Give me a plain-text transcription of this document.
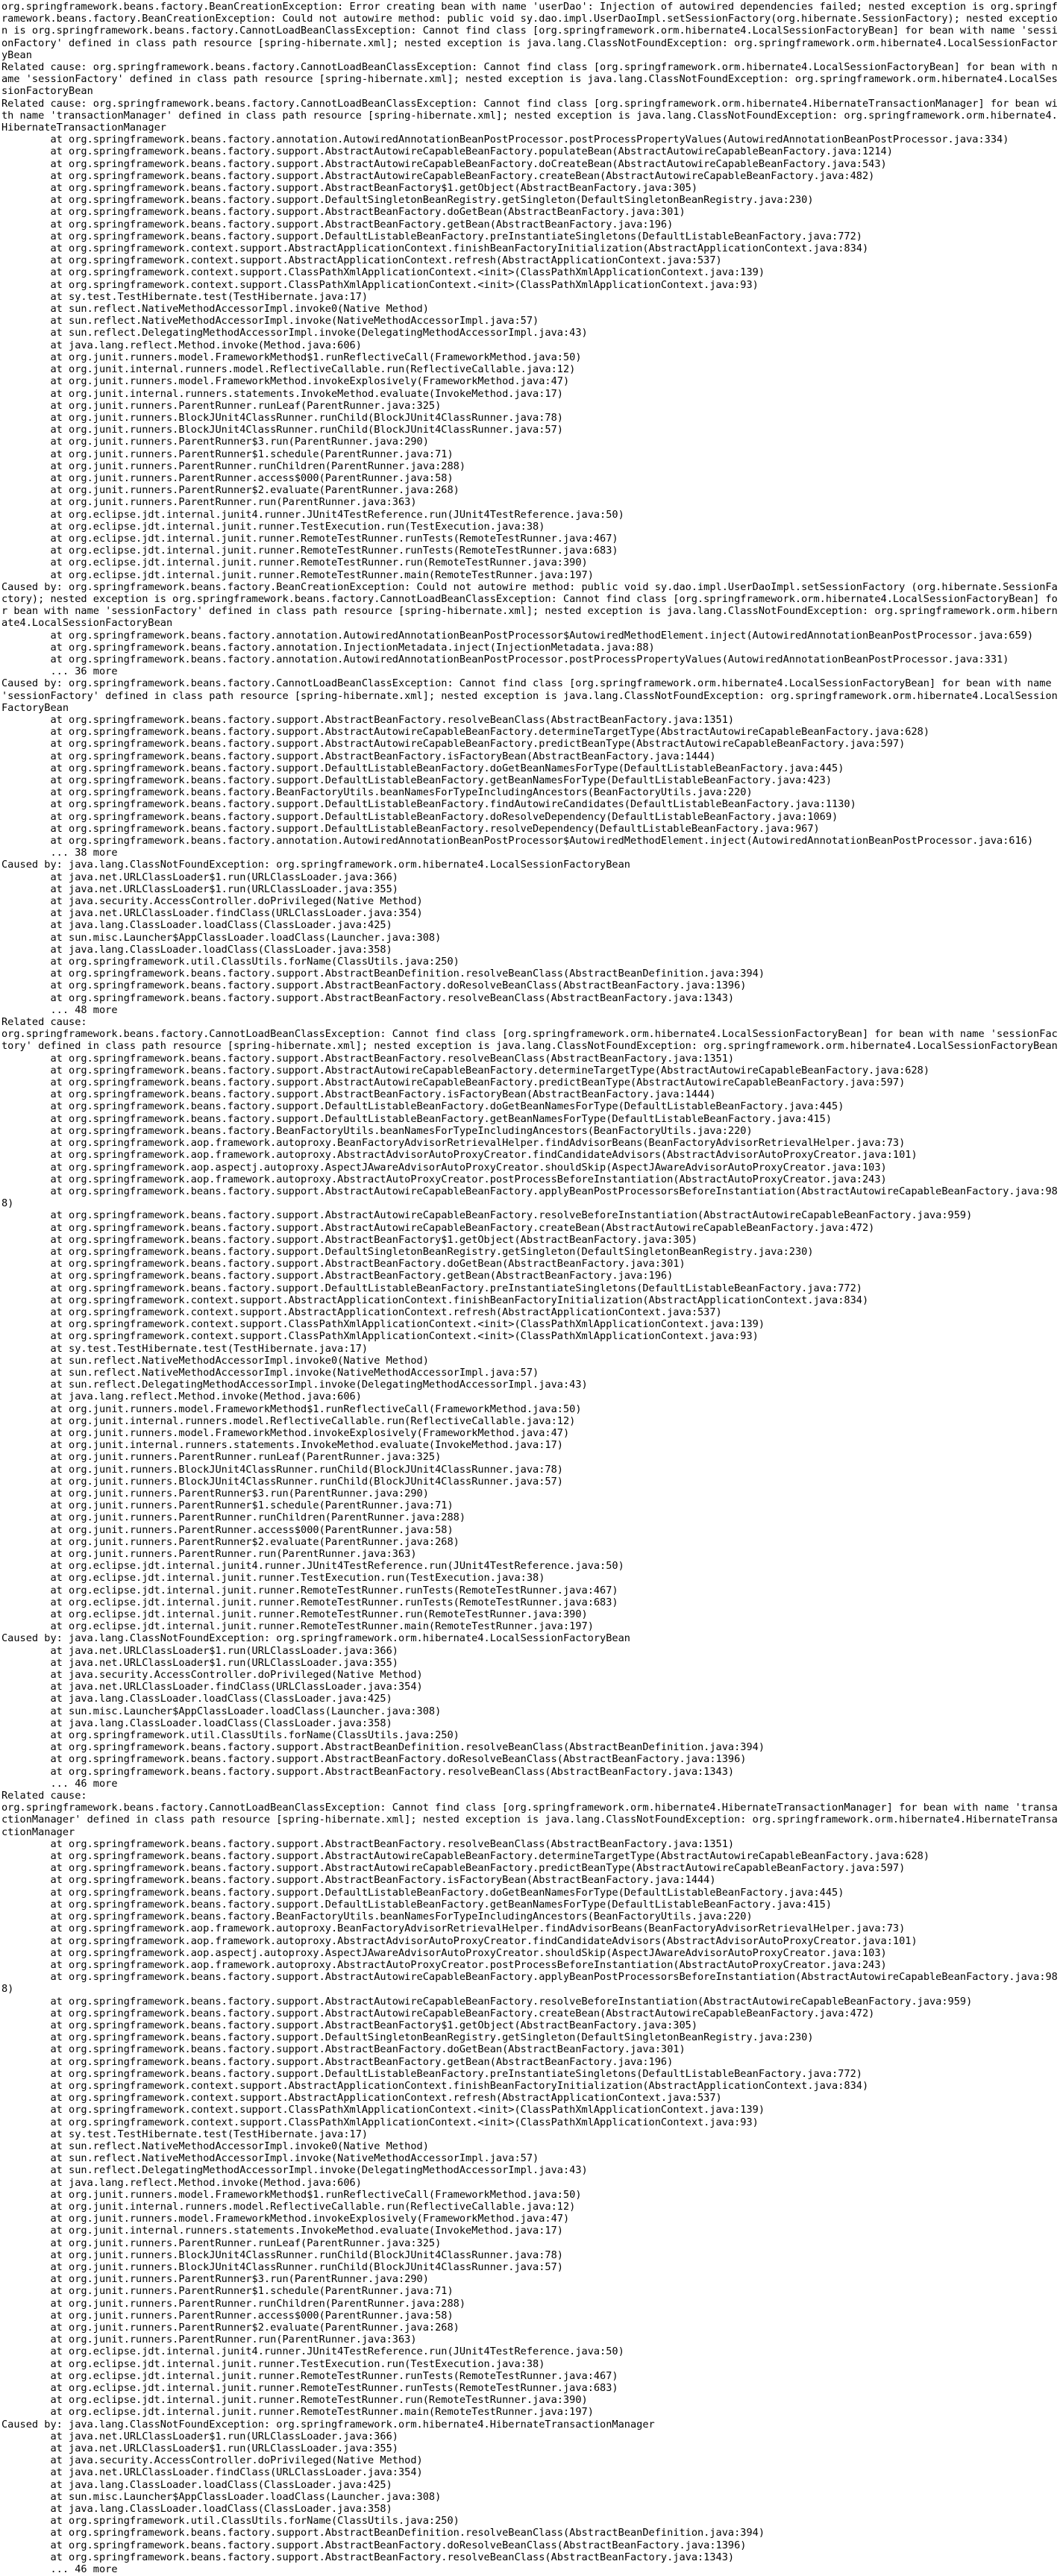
org.springframework.beans.factory.BeanCreationException: Error creating bean with name 'userDao': Injection of autowired dependencies failed; nested exception is org.springframework.beans.factory.BeanCreationException: Could not autowire method: public void sy.dao.impl.UserDaoImpl.setSessionFactory(org.hibernate.SessionFactory); nested exception is org.springframework.beans.factory.CannotLoadBeanClassException: Cannot find class [org.springframework.orm.hibernate4.LocalSessionFactoryBean] for bean with name 'sessionFactory' defined in class path resource [spring-hibernate.xml]; nested exception is java.lang.ClassNotFoundException: org.springframework.orm.hibernate4.LocalSessionFactoryBean
Related cause: org.springframework.beans.factory.CannotLoadBeanClassException: Cannot find class [org.springframework.orm.hibernate4.LocalSessionFactoryBean] for bean with name 'sessionFactory' defined in class path resource [spring-hibernate.xml]; nested exception is java.lang.ClassNotFoundException: org.springframework.orm.hibernate4.LocalSessionFactoryBean
Related cause: org.springframework.beans.factory.CannotLoadBeanClassException: Cannot find class [org.springframework.orm.hibernate4.HibernateTransactionManager] for bean with name 'transactionManager' defined in class path resource [spring-hibernate.xml]; nested exception is java.lang.ClassNotFoundException: org.springframework.orm.hibernate4.HibernateTransactionManager
	at org.springframework.beans.factory.annotation.AutowiredAnnotationBeanPostProcessor.postProcessPropertyValues(AutowiredAnnotationBeanPostProcessor.java:334)
	at org.springframework.beans.factory.support.AbstractAutowireCapableBeanFactory.populateBean(AbstractAutowireCapableBeanFactory.java:1214)
	at org.springframework.beans.factory.support.AbstractAutowireCapableBeanFactory.doCreateBean(AbstractAutowireCapableBeanFactory.java:543)
	at org.springframework.beans.factory.support.AbstractAutowireCapableBeanFactory.createBean(AbstractAutowireCapableBeanFactory.java:482)
	at org.springframework.beans.factory.support.AbstractBeanFactory$1.getObject(AbstractBeanFactory.java:305)
	at org.springframework.beans.factory.support.DefaultSingletonBeanRegistry.getSingleton(DefaultSingletonBeanRegistry.java:230)
	at org.springframework.beans.factory.support.AbstractBeanFactory.doGetBean(AbstractBeanFactory.java:301)
	at org.springframework.beans.factory.support.AbstractBeanFactory.getBean(AbstractBeanFactory.java:196)
	at org.springframework.beans.factory.support.DefaultListableBeanFactory.preInstantiateSingletons(DefaultListableBeanFactory.java:772)
	at org.springframework.context.support.AbstractApplicationContext.finishBeanFactoryInitialization(AbstractApplicationContext.java:834)
	at org.springframework.context.support.AbstractApplicationContext.refresh(AbstractApplicationContext.java:537)
	at org.springframework.context.support.ClassPathXmlApplicationContext.<init>(ClassPathXmlApplicationContext.java:139)
	at org.springframework.context.support.ClassPathXmlApplicationContext.<init>(ClassPathXmlApplicationContext.java:93)
	at sy.test.TestHibernate.test(TestHibernate.java:17)
	at sun.reflect.NativeMethodAccessorImpl.invoke0(Native Method)
	at sun.reflect.NativeMethodAccessorImpl.invoke(NativeMethodAccessorImpl.java:57)
	at sun.reflect.DelegatingMethodAccessorImpl.invoke(DelegatingMethodAccessorImpl.java:43)
	at java.lang.reflect.Method.invoke(Method.java:606)
	at org.junit.runners.model.FrameworkMethod$1.runReflectiveCall(FrameworkMethod.java:50)
	at org.junit.internal.runners.model.ReflectiveCallable.run(ReflectiveCallable.java:12)
	at org.junit.runners.model.FrameworkMethod.invokeExplosively(FrameworkMethod.java:47)
	at org.junit.internal.runners.statements.InvokeMethod.evaluate(InvokeMethod.java:17)
	at org.junit.runners.ParentRunner.runLeaf(ParentRunner.java:325)
	at org.junit.runners.BlockJUnit4ClassRunner.runChild(BlockJUnit4ClassRunner.java:78)
	at org.junit.runners.BlockJUnit4ClassRunner.runChild(BlockJUnit4ClassRunner.java:57)
	at org.junit.runners.ParentRunner$3.run(ParentRunner.java:290)
	at org.junit.runners.ParentRunner$1.schedule(ParentRunner.java:71)
	at org.junit.runners.ParentRunner.runChildren(ParentRunner.java:288)
	at org.junit.runners.ParentRunner.access$000(ParentRunner.java:58)
	at org.junit.runners.ParentRunner$2.evaluate(ParentRunner.java:268)
	at org.junit.runners.ParentRunner.run(ParentRunner.java:363)
	at org.eclipse.jdt.internal.junit4.runner.JUnit4TestReference.run(JUnit4TestReference.java:50)
	at org.eclipse.jdt.internal.junit.runner.TestExecution.run(TestExecution.java:38)
	at org.eclipse.jdt.internal.junit.runner.RemoteTestRunner.runTests(RemoteTestRunner.java:467)
	at org.eclipse.jdt.internal.junit.runner.RemoteTestRunner.runTests(RemoteTestRunner.java:683)
	at org.eclipse.jdt.internal.junit.runner.RemoteTestRunner.run(RemoteTestRunner.java:390)
	at org.eclipse.jdt.internal.junit.runner.RemoteTestRunner.main(RemoteTestRunner.java:197)
Caused by: org.springframework.beans.factory.BeanCreationException: Could not autowire method: public void sy.dao.impl.UserDaoImpl.setSessionFactory (org.hibernate.SessionFactory); nested exception is org.springframework.beans.factory.CannotLoadBeanClassException: Cannot find class [org.springframework.orm.hibernate4.LocalSessionFactoryBean] for bean with name 'sessionFactory' defined in class path resource [spring-hibernate.xml]; nested exception is java.lang.ClassNotFoundException: org.springframework.orm.hibernate4.LocalSessionFactoryBean
	at org.springframework.beans.factory.annotation.AutowiredAnnotationBeanPostProcessor$AutowiredMethodElement.inject(AutowiredAnnotationBeanPostProcessor.java:659)
	at org.springframework.beans.factory.annotation.InjectionMetadata.inject(InjectionMetadata.java:88)
	at org.springframework.beans.factory.annotation.AutowiredAnnotationBeanPostProcessor.postProcessPropertyValues(AutowiredAnnotationBeanPostProcessor.java:331)
	... 36 more
Caused by: org.springframework.beans.factory.CannotLoadBeanClassException: Cannot find class [org.springframework.orm.hibernate4.LocalSessionFactoryBean] for bean with name 'sessionFactory' defined in class path resource [spring-hibernate.xml]; nested exception is java.lang.ClassNotFoundException: org.springframework.orm.hibernate4.LocalSessionFactoryBean
	at org.springframework.beans.factory.support.AbstractBeanFactory.resolveBeanClass(AbstractBeanFactory.java:1351)
	at org.springframework.beans.factory.support.AbstractAutowireCapableBeanFactory.determineTargetType(AbstractAutowireCapableBeanFactory.java:628)
	at org.springframework.beans.factory.support.AbstractAutowireCapableBeanFactory.predictBeanType(AbstractAutowireCapableBeanFactory.java:597)
	at org.springframework.beans.factory.support.AbstractBeanFactory.isFactoryBean(AbstractBeanFactory.java:1444)
	at org.springframework.beans.factory.support.DefaultListableBeanFactory.doGetBeanNamesForType(DefaultListableBeanFactory.java:445)
	at org.springframework.beans.factory.support.DefaultListableBeanFactory.getBeanNamesForType(DefaultListableBeanFactory.java:423)
	at org.springframework.beans.factory.BeanFactoryUtils.beanNamesForTypeIncludingAncestors(BeanFactoryUtils.java:220)
	at org.springframework.beans.factory.support.DefaultListableBeanFactory.findAutowireCandidates(DefaultListableBeanFactory.java:1130)
	at org.springframework.beans.factory.support.DefaultListableBeanFactory.doResolveDependency(DefaultListableBeanFactory.java:1069)
	at org.springframework.beans.factory.support.DefaultListableBeanFactory.resolveDependency(DefaultListableBeanFactory.java:967)
	at org.springframework.beans.factory.annotation.AutowiredAnnotationBeanPostProcessor$AutowiredMethodElement.inject(AutowiredAnnotationBeanPostProcessor.java:616)
	... 38 more
Caused by: java.lang.ClassNotFoundException: org.springframework.orm.hibernate4.LocalSessionFactoryBean
	at java.net.URLClassLoader$1.run(URLClassLoader.java:366)
	at java.net.URLClassLoader$1.run(URLClassLoader.java:355)
	at java.security.AccessController.doPrivileged(Native Method)
	at java.net.URLClassLoader.findClass(URLClassLoader.java:354)
	at java.lang.ClassLoader.loadClass(ClassLoader.java:425)
	at sun.misc.Launcher$AppClassLoader.loadClass(Launcher.java:308)
	at java.lang.ClassLoader.loadClass(ClassLoader.java:358)
	at org.springframework.util.ClassUtils.forName(ClassUtils.java:250)
	at org.springframework.beans.factory.support.AbstractBeanDefinition.resolveBeanClass(AbstractBeanDefinition.java:394)
	at org.springframework.beans.factory.support.AbstractBeanFactory.doResolveBeanClass(AbstractBeanFactory.java:1396)
	at org.springframework.beans.factory.support.AbstractBeanFactory.resolveBeanClass(AbstractBeanFactory.java:1343)
	... 48 more
Related cause:
org.springframework.beans.factory.CannotLoadBeanClassException: Cannot find class [org.springframework.orm.hibernate4.LocalSessionFactoryBean] for bean with name 'sessionFactory' defined in class path resource [spring-hibernate.xml]; nested exception is java.lang.ClassNotFoundException: org.springframework.orm.hibernate4.LocalSessionFactoryBean
	at org.springframework.beans.factory.support.AbstractBeanFactory.resolveBeanClass(AbstractBeanFactory.java:1351)
	at org.springframework.beans.factory.support.AbstractAutowireCapableBeanFactory.determineTargetType(AbstractAutowireCapableBeanFactory.java:628)
	at org.springframework.beans.factory.support.AbstractAutowireCapableBeanFactory.predictBeanType(AbstractAutowireCapableBeanFactory.java:597)
	at org.springframework.beans.factory.support.AbstractBeanFactory.isFactoryBean(AbstractBeanFactory.java:1444)
	at org.springframework.beans.factory.support.DefaultListableBeanFactory.doGetBeanNamesForType(DefaultListableBeanFactory.java:445)
	at org.springframework.beans.factory.support.DefaultListableBeanFactory.getBeanNamesForType(DefaultListableBeanFactory.java:415)
	at org.springframework.beans.factory.BeanFactoryUtils.beanNamesForTypeIncludingAncestors(BeanFactoryUtils.java:220)
	at org.springframework.aop.framework.autoproxy.BeanFactoryAdvisorRetrievalHelper.findAdvisorBeans(BeanFactoryAdvisorRetrievalHelper.java:73)
	at org.springframework.aop.framework.autoproxy.AbstractAdvisorAutoProxyCreator.findCandidateAdvisors(AbstractAdvisorAutoProxyCreator.java:101)
	at org.springframework.aop.aspectj.autoproxy.AspectJAwareAdvisorAutoProxyCreator.shouldSkip(AspectJAwareAdvisorAutoProxyCreator.java:103)
	at org.springframework.aop.framework.autoproxy.AbstractAutoProxyCreator.postProcessBeforeInstantiation(AbstractAutoProxyCreator.java:243)
	at org.springframework.beans.factory.support.AbstractAutowireCapableBeanFactory.applyBeanPostProcessorsBeforeInstantiation(AbstractAutowireCapableBeanFactory.java:988)
	at org.springframework.beans.factory.support.AbstractAutowireCapableBeanFactory.resolveBeforeInstantiation(AbstractAutowireCapableBeanFactory.java:959)
	at org.springframework.beans.factory.support.AbstractAutowireCapableBeanFactory.createBean(AbstractAutowireCapableBeanFactory.java:472)
	at org.springframework.beans.factory.support.AbstractBeanFactory$1.getObject(AbstractBeanFactory.java:305)
	at org.springframework.beans.factory.support.DefaultSingletonBeanRegistry.getSingleton(DefaultSingletonBeanRegistry.java:230)
	at org.springframework.beans.factory.support.AbstractBeanFactory.doGetBean(AbstractBeanFactory.java:301)
	at org.springframework.beans.factory.support.AbstractBeanFactory.getBean(AbstractBeanFactory.java:196)
	at org.springframework.beans.factory.support.DefaultListableBeanFactory.preInstantiateSingletons(DefaultListableBeanFactory.java:772)
	at org.springframework.context.support.AbstractApplicationContext.finishBeanFactoryInitialization(AbstractApplicationContext.java:834)
	at org.springframework.context.support.AbstractApplicationContext.refresh(AbstractApplicationContext.java:537)
	at org.springframework.context.support.ClassPathXmlApplicationContext.<init>(ClassPathXmlApplicationContext.java:139)
	at org.springframework.context.support.ClassPathXmlApplicationContext.<init>(ClassPathXmlApplicationContext.java:93)
	at sy.test.TestHibernate.test(TestHibernate.java:17)
	at sun.reflect.NativeMethodAccessorImpl.invoke0(Native Method)
	at sun.reflect.NativeMethodAccessorImpl.invoke(NativeMethodAccessorImpl.java:57)
	at sun.reflect.DelegatingMethodAccessorImpl.invoke(DelegatingMethodAccessorImpl.java:43)
	at java.lang.reflect.Method.invoke(Method.java:606)
	at org.junit.runners.model.FrameworkMethod$1.runReflectiveCall(FrameworkMethod.java:50)
	at org.junit.internal.runners.model.ReflectiveCallable.run(ReflectiveCallable.java:12)
	at org.junit.runners.model.FrameworkMethod.invokeExplosively(FrameworkMethod.java:47)
	at org.junit.internal.runners.statements.InvokeMethod.evaluate(InvokeMethod.java:17)
	at org.junit.runners.ParentRunner.runLeaf(ParentRunner.java:325)
	at org.junit.runners.BlockJUnit4ClassRunner.runChild(BlockJUnit4ClassRunner.java:78)
	at org.junit.runners.BlockJUnit4ClassRunner.runChild(BlockJUnit4ClassRunner.java:57)
	at org.junit.runners.ParentRunner$3.run(ParentRunner.java:290)
	at org.junit.runners.ParentRunner$1.schedule(ParentRunner.java:71)
	at org.junit.runners.ParentRunner.runChildren(ParentRunner.java:288)
	at org.junit.runners.ParentRunner.access$000(ParentRunner.java:58)
	at org.junit.runners.ParentRunner$2.evaluate(ParentRunner.java:268)
	at org.junit.runners.ParentRunner.run(ParentRunner.java:363)
	at org.eclipse.jdt.internal.junit4.runner.JUnit4TestReference.run(JUnit4TestReference.java:50)
	at org.eclipse.jdt.internal.junit.runner.TestExecution.run(TestExecution.java:38)
	at org.eclipse.jdt.internal.junit.runner.RemoteTestRunner.runTests(RemoteTestRunner.java:467)
	at org.eclipse.jdt.internal.junit.runner.RemoteTestRunner.runTests(RemoteTestRunner.java:683)
	at org.eclipse.jdt.internal.junit.runner.RemoteTestRunner.run(RemoteTestRunner.java:390)
	at org.eclipse.jdt.internal.junit.runner.RemoteTestRunner.main(RemoteTestRunner.java:197)
Caused by: java.lang.ClassNotFoundException: org.springframework.orm.hibernate4.LocalSessionFactoryBean
	at java.net.URLClassLoader$1.run(URLClassLoader.java:366)
	at java.net.URLClassLoader$1.run(URLClassLoader.java:355)
	at java.security.AccessController.doPrivileged(Native Method)
	at java.net.URLClassLoader.findClass(URLClassLoader.java:354)
	at java.lang.ClassLoader.loadClass(ClassLoader.java:425)
	at sun.misc.Launcher$AppClassLoader.loadClass(Launcher.java:308)
	at java.lang.ClassLoader.loadClass(ClassLoader.java:358)
	at org.springframework.util.ClassUtils.forName(ClassUtils.java:250)
	at org.springframework.beans.factory.support.AbstractBeanDefinition.resolveBeanClass(AbstractBeanDefinition.java:394)
	at org.springframework.beans.factory.support.AbstractBeanFactory.doResolveBeanClass(AbstractBeanFactory.java:1396)
	at org.springframework.beans.factory.support.AbstractBeanFactory.resolveBeanClass(AbstractBeanFactory.java:1343)
	... 46 more
Related cause:
org.springframework.beans.factory.CannotLoadBeanClassException: Cannot find class [org.springframework.orm.hibernate4.HibernateTransactionManager] for bean with name 'transactionManager' defined in class path resource [spring-hibernate.xml]; nested exception is java.lang.ClassNotFoundException: org.springframework.orm.hibernate4.HibernateTransactionManager
	at org.springframework.beans.factory.support.AbstractBeanFactory.resolveBeanClass(AbstractBeanFactory.java:1351)
	at org.springframework.beans.factory.support.AbstractAutowireCapableBeanFactory.determineTargetType(AbstractAutowireCapableBeanFactory.java:628)
	at org.springframework.beans.factory.support.AbstractAutowireCapableBeanFactory.predictBeanType(AbstractAutowireCapableBeanFactory.java:597)
	at org.springframework.beans.factory.support.AbstractBeanFactory.isFactoryBean(AbstractBeanFactory.java:1444)
	at org.springframework.beans.factory.support.DefaultListableBeanFactory.doGetBeanNamesForType(DefaultListableBeanFactory.java:445)
	at org.springframework.beans.factory.support.DefaultListableBeanFactory.getBeanNamesForType(DefaultListableBeanFactory.java:415)
	at org.springframework.beans.factory.BeanFactoryUtils.beanNamesForTypeIncludingAncestors(BeanFactoryUtils.java:220)
	at org.springframework.aop.framework.autoproxy.BeanFactoryAdvisorRetrievalHelper.findAdvisorBeans(BeanFactoryAdvisorRetrievalHelper.java:73)
	at org.springframework.aop.framework.autoproxy.AbstractAdvisorAutoProxyCreator.findCandidateAdvisors(AbstractAdvisorAutoProxyCreator.java:101)
	at org.springframework.aop.aspectj.autoproxy.AspectJAwareAdvisorAutoProxyCreator.shouldSkip(AspectJAwareAdvisorAutoProxyCreator.java:103)
	at org.springframework.aop.framework.autoproxy.AbstractAutoProxyCreator.postProcessBeforeInstantiation(AbstractAutoProxyCreator.java:243)
	at org.springframework.beans.factory.support.AbstractAutowireCapableBeanFactory.applyBeanPostProcessorsBeforeInstantiation(AbstractAutowireCapableBeanFactory.java:988)
	at org.springframework.beans.factory.support.AbstractAutowireCapableBeanFactory.resolveBeforeInstantiation(AbstractAutowireCapableBeanFactory.java:959)
	at org.springframework.beans.factory.support.AbstractAutowireCapableBeanFactory.createBean(AbstractAutowireCapableBeanFactory.java:472)
	at org.springframework.beans.factory.support.AbstractBeanFactory$1.getObject(AbstractBeanFactory.java:305)
	at org.springframework.beans.factory.support.DefaultSingletonBeanRegistry.getSingleton(DefaultSingletonBeanRegistry.java:230)
	at org.springframework.beans.factory.support.AbstractBeanFactory.doGetBean(AbstractBeanFactory.java:301)
	at org.springframework.beans.factory.support.AbstractBeanFactory.getBean(AbstractBeanFactory.java:196)
	at org.springframework.beans.factory.support.DefaultListableBeanFactory.preInstantiateSingletons(DefaultListableBeanFactory.java:772)
	at org.springframework.context.support.AbstractApplicationContext.finishBeanFactoryInitialization(AbstractApplicationContext.java:834)
	at org.springframework.context.support.AbstractApplicationContext.refresh(AbstractApplicationContext.java:537)
	at org.springframework.context.support.ClassPathXmlApplicationContext.<init>(ClassPathXmlApplicationContext.java:139)
	at org.springframework.context.support.ClassPathXmlApplicationContext.<init>(ClassPathXmlApplicationContext.java:93)
	at sy.test.TestHibernate.test(TestHibernate.java:17)
	at sun.reflect.NativeMethodAccessorImpl.invoke0(Native Method)
	at sun.reflect.NativeMethodAccessorImpl.invoke(NativeMethodAccessorImpl.java:57)
	at sun.reflect.DelegatingMethodAccessorImpl.invoke(DelegatingMethodAccessorImpl.java:43)
	at java.lang.reflect.Method.invoke(Method.java:606)
	at org.junit.runners.model.FrameworkMethod$1.runReflectiveCall(FrameworkMethod.java:50)
	at org.junit.internal.runners.model.ReflectiveCallable.run(ReflectiveCallable.java:12)
	at org.junit.runners.model.FrameworkMethod.invokeExplosively(FrameworkMethod.java:47)
	at org.junit.internal.runners.statements.InvokeMethod.evaluate(InvokeMethod.java:17)
	at org.junit.runners.ParentRunner.runLeaf(ParentRunner.java:325)
	at org.junit.runners.BlockJUnit4ClassRunner.runChild(BlockJUnit4ClassRunner.java:78)
	at org.junit.runners.BlockJUnit4ClassRunner.runChild(BlockJUnit4ClassRunner.java:57)
	at org.junit.runners.ParentRunner$3.run(ParentRunner.java:290)
	at org.junit.runners.ParentRunner$1.schedule(ParentRunner.java:71)
	at org.junit.runners.ParentRunner.runChildren(ParentRunner.java:288)
	at org.junit.runners.ParentRunner.access$000(ParentRunner.java:58)
	at org.junit.runners.ParentRunner$2.evaluate(ParentRunner.java:268)
	at org.junit.runners.ParentRunner.run(ParentRunner.java:363)
	at org.eclipse.jdt.internal.junit4.runner.JUnit4TestReference.run(JUnit4TestReference.java:50)
	at org.eclipse.jdt.internal.junit.runner.TestExecution.run(TestExecution.java:38)
	at org.eclipse.jdt.internal.junit.runner.RemoteTestRunner.runTests(RemoteTestRunner.java:467)
	at org.eclipse.jdt.internal.junit.runner.RemoteTestRunner.runTests(RemoteTestRunner.java:683)
	at org.eclipse.jdt.internal.junit.runner.RemoteTestRunner.run(RemoteTestRunner.java:390)
	at org.eclipse.jdt.internal.junit.runner.RemoteTestRunner.main(RemoteTestRunner.java:197)
Caused by: java.lang.ClassNotFoundException: org.springframework.orm.hibernate4.HibernateTransactionManager
	at java.net.URLClassLoader$1.run(URLClassLoader.java:366)
	at java.net.URLClassLoader$1.run(URLClassLoader.java:355)
	at java.security.AccessController.doPrivileged(Native Method)
	at java.net.URLClassLoader.findClass(URLClassLoader.java:354)
	at java.lang.ClassLoader.loadClass(ClassLoader.java:425)
	at sun.misc.Launcher$AppClassLoader.loadClass(Launcher.java:308)
	at java.lang.ClassLoader.loadClass(ClassLoader.java:358)
	at org.springframework.util.ClassUtils.forName(ClassUtils.java:250)
	at org.springframework.beans.factory.support.AbstractBeanDefinition.resolveBeanClass(AbstractBeanDefinition.java:394)
	at org.springframework.beans.factory.support.AbstractBeanFactory.doResolveBeanClass(AbstractBeanFactory.java:1396)
	at org.springframework.beans.factory.support.AbstractBeanFactory.resolveBeanClass(AbstractBeanFactory.java:1343)
	... 46 more
